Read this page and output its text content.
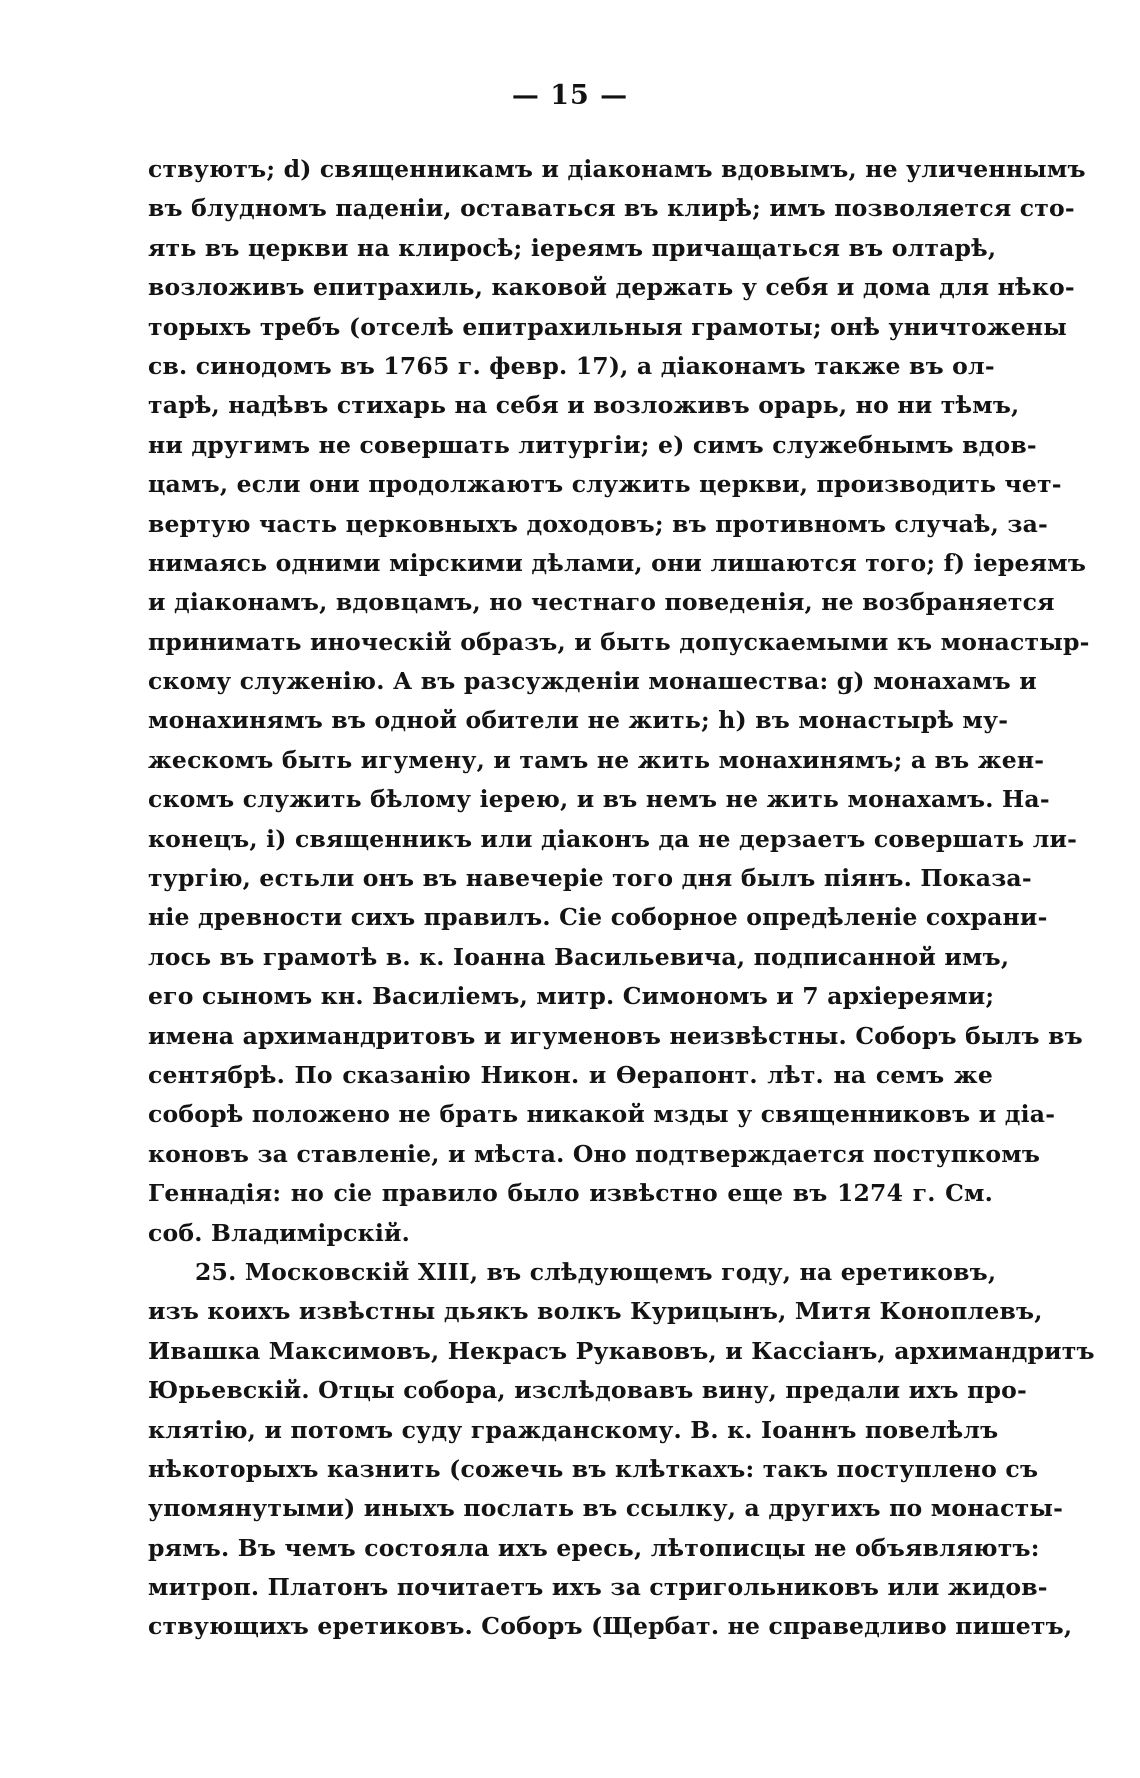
— 15 —
ствуютъ; d) священникамъ и діаконамъ вдовымъ, не уличеннымъ
въ блудномъ паденіи, оставаться въ клирѣ; имъ позволяется сто-
ять въ церкви на клиросѣ; іереямъ причащаться въ олтарѣ,
возложивъ епитрахиль, каковой держать у себя и дома для нѣко-
торыхъ требъ (отселѣ епитрахильныя грамоты; онѣ уничтожены
св. синодомъ въ 1765 г. февр. 17), а діаконамъ также въ ол-
тарѣ, надѣвъ стихарь на себя и возложивъ орарь, но ни тѣмъ,
ни другимъ не совершать литургіи; е) симъ служебнымъ вдов-
цамъ, если они продолжаютъ служить церкви, производить чет-
вертую часть церковныхъ доходовъ; въ противномъ случаѣ, за-
нимаясь одними мірскими дѣлами, они лишаются того; f) іереямъ
и діаконамъ, вдовцамъ, но честнаго поведенія, не возбраняется
принимать иноческій образъ, и быть допускаемыми къ монастыр-
скому служенію. А въ разсужденіи монашества: g) монахамъ и
монахинямъ въ одной обители не жить; h) въ монастырѣ му-
жескомъ быть игумену, и тамъ не жить монахинямъ; а въ жен-
скомъ служить бѣлому іерею, и въ немъ не жить монахамъ. На-
конецъ, і) священникъ или діаконъ да не дерзаетъ совершать ли-
тургію, естьли онъ въ навечеріе того дня былъ піянъ. Показа-
ніе древности сихъ правилъ. Сіе соборное опредѣленіе сохрани-
лось въ грамотѣ в. к. Іоанна Васильевича, подписанной имъ,
его сыномъ кн. Василіемъ, митр. Симономъ и 7 архіереями;
имена архимандритовъ и игуменовъ неизвѣстны. Соборъ былъ въ
сентябрѣ. По сказанію Никон. и Ѳерапонт. лѣт. на семъ же
соборѣ положено не брать никакой мзды у священниковъ и діа-
коновъ за ставленіе, и мѣста. Оно подтверждается поступкомъ
Геннадія: но сіе правило было извѣстно еще въ 1274 г. См.
соб. Владимірскій.
25. Московскій XIII, въ слѣдующемъ году, на еретиковъ,
изъ коихъ извѣстны дьякъ волкъ Курицынъ, Митя Коноплевъ,
Ивашка Максимовъ, Некрасъ Рукавовъ, и Кассіанъ, архимандритъ
Юрьевскій. Отцы собора, изслѣдовавъ вину, предали ихъ про-
клятію, и потомъ суду гражданскому. В. к. Іоаннъ повелѣлъ
нѣкоторыхъ казнить (сожечь въ клѣткахъ: такъ поступлено съ
упомянутыми) иныхъ послать въ ссылку, а другихъ по монасты-
рямъ. Въ чемъ состояла ихъ ересь, лѣтописцы не объявляютъ:
митроп. Платонъ почитаетъ ихъ за стригольниковъ или жидов-
ствующихъ еретиковъ. Соборъ (Щербат. не справедливо пишетъ,
